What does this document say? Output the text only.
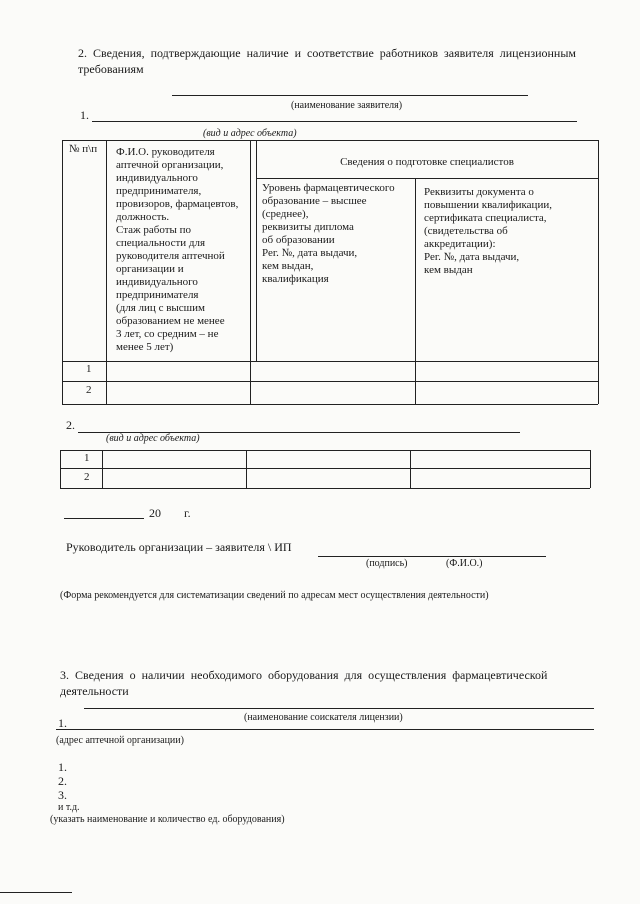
2. Сведения, подтверждающие наличие и соответствие работников заявителя лицензионным
требованиям
(наименование заявителя)
1.
(вид и адрес объекта)
№ п\п Ф.И.О. руководителя
аптечной организации,
индивидуального
предпринимателя,
провизоров, фармацевтов,
должность.
Стаж работы по
специальности для
руководителя аптечной
организации и
индивидуального
предпринимателя
(для лиц с высшим
образованием не менее
3 лет, со средним – не
менее 5 лет)
Сведения о подготовке специалистов
Уровень фармацевтического
образование – высшее
(среднее),
реквизиты диплома
об образовании
Рег. №, дата выдачи,
кем выдан,
квалификация
Реквизиты документа о
повышении квалификации,
сертификата специалиста,
(свидетельства об
аккредитации):
Рег. №, дата выдачи,
кем выдан
1
2
2.
(вид и адрес объекта)
1
2
20 г.
Руководитель организации – заявителя \ ИП
(подпись)	(Ф.И.О.)
(Форма рекомендуется для систематизации сведений по адресам мест осуществления деятельности)
3. Сведения о наличии необходимого оборудования для осуществления фармацевтической
деятельности
(наименование соискателя лицензии)
1.
(адрес аптечной организации)
1.
2.
3.
и т.д.
(указать наименование и количество ед. оборудования)
